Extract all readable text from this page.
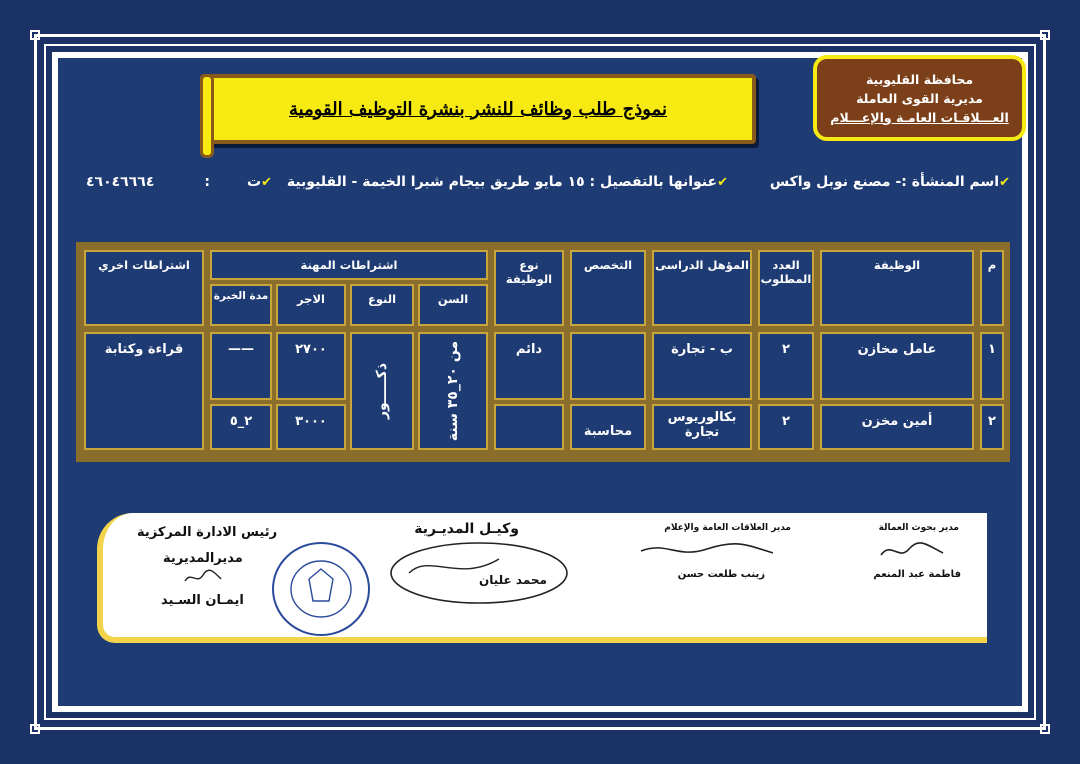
نموذج طلب وظائف للنشر بنشرة التوظيف القومية
محافظة القليوبية
مديرية القوى العاملة
العـــلاقـات العامـة والإعـــلام
✔اسم المنشأة :- مصنع نوبل واكس
✔عنوانها بالتفصيل : ١٥ مايو طريق بيجام شبرا الخيمة - القليوبية
✔ت
:
٤٦٠٤٦٦٦٤
م
الوظيفة
العدد المطلوب
المؤهل الدراسى
التخصص
نوع الوظيفة
اشتراطات المهنة
السن
النوع
الاجر
مدة الخبرة
اشتراطات اخري
١
عامل مخازن
٢
ب - تجارة
دائم
٢٧٠٠
——
قراءة وكتابة
من ٢٠_٣٥ سنة
ذكـــــور
٢
أمين مخزن
٢
بكالوريوس تجارة
محاسبة
٣٠٠٠
٢_٥
مدير بحوث العمالة
فاطمة عبد المنعم
مدير العلاقات العامة والإعلام
زينب طلعت حسن
وكيـل المديـرية
محمد عليان
رئيس الادارة المركزية
مديرالمديرية
ايمـان السـيد
